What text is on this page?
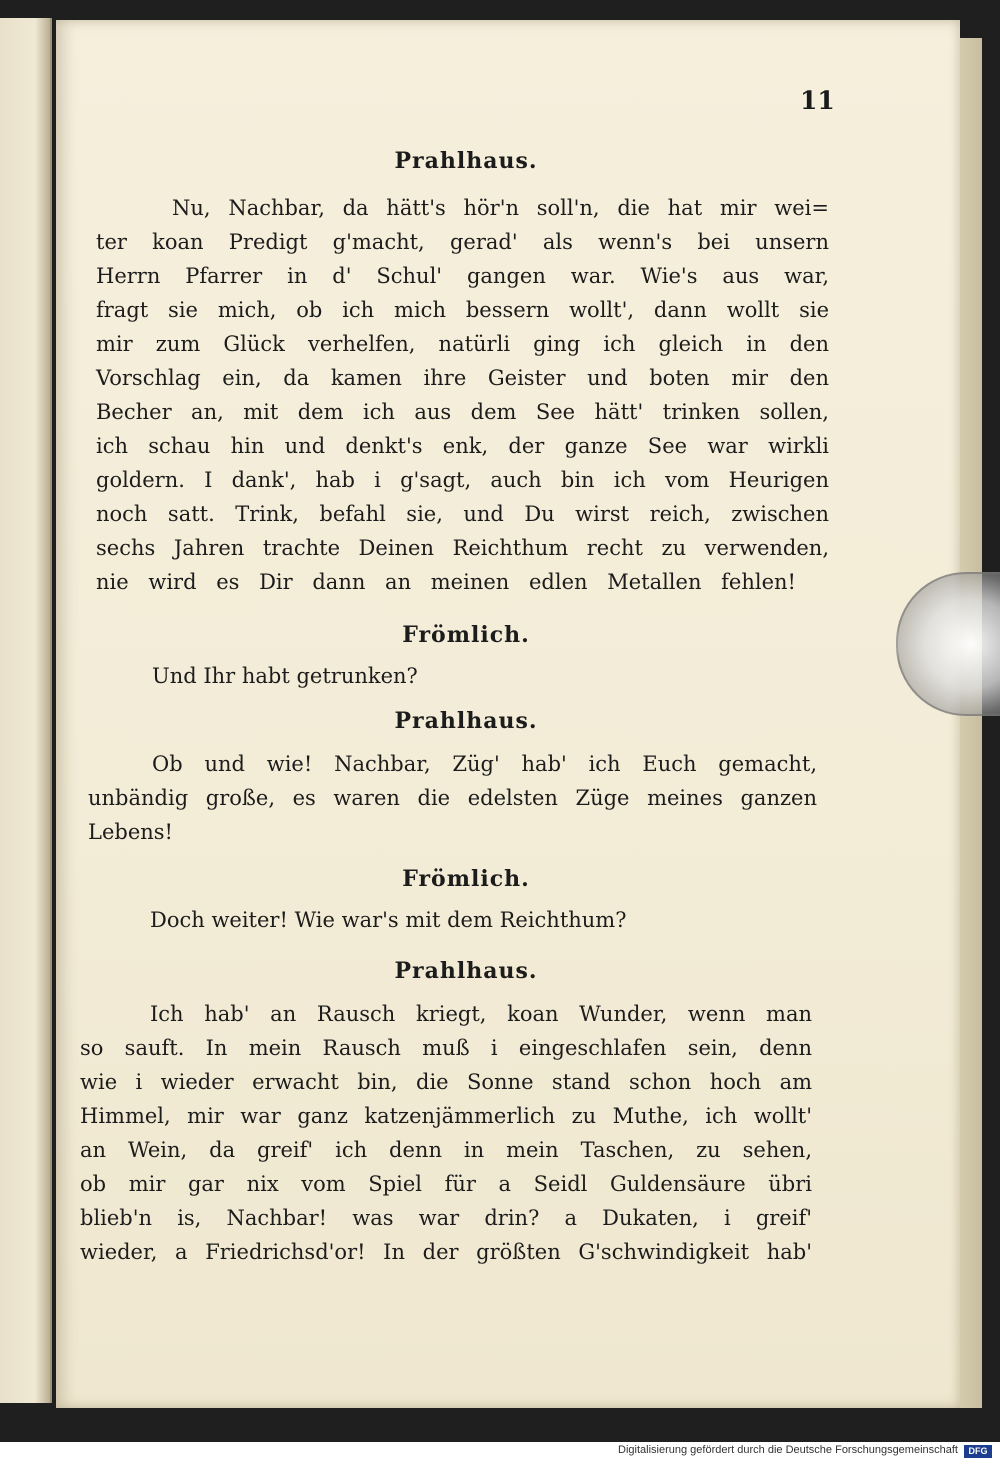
11
Prahlhaus.
Nu, Nachbar, da hätt's hör'n soll'n, die hat mir wei=
ter koan Predigt g'macht, gerad' als wenn's bei unsern
Herrn Pfarrer in d' Schul' gangen war. Wie's aus war,
fragt sie mich, ob ich mich bessern wollt', dann wollt sie
mir zum Glück verhelfen, natürli ging ich gleich in den
Vorschlag ein, da kamen ihre Geister und boten mir den
Becher an, mit dem ich aus dem See hätt' trinken sollen,
ich schau hin und denkt's enk, der ganze See war wirkli
goldern. I dank', hab i g'sagt, auch bin ich vom Heurigen
noch satt. Trink, befahl sie, und Du wirst reich, zwischen
sechs Jahren trachte Deinen Reichthum recht zu verwenden,
nie wird es Dir dann an meinen edlen Metallen fehlen!
Frömlich.
Und Ihr habt getrunken?
Prahlhaus.
Ob und wie! Nachbar, Züg' hab' ich Euch gemacht,
unbändig große, es waren die edelsten Züge meines ganzen
Lebens!
Frömlich.
Doch weiter! Wie war's mit dem Reichthum?
Prahlhaus.
Ich hab' an Rausch kriegt, koan Wunder, wenn man
so sauft. In mein Rausch muß i eingeschlafen sein, denn
wie i wieder erwacht bin, die Sonne stand schon hoch am
Himmel, mir war ganz katzenjämmerlich zu Muthe, ich wollt'
an Wein, da greif' ich denn in mein Taschen, zu sehen,
ob mir gar nix vom Spiel für a Seidl Guldensäure übri
blieb'n is, Nachbar! was war drin? a Dukaten, i greif'
wieder, a Friedrichsd'or! In der größten G'schwindigkeit hab'
Digitalisierung gefördert durch die Deutsche Forschungsgemeinschaft	DFG
